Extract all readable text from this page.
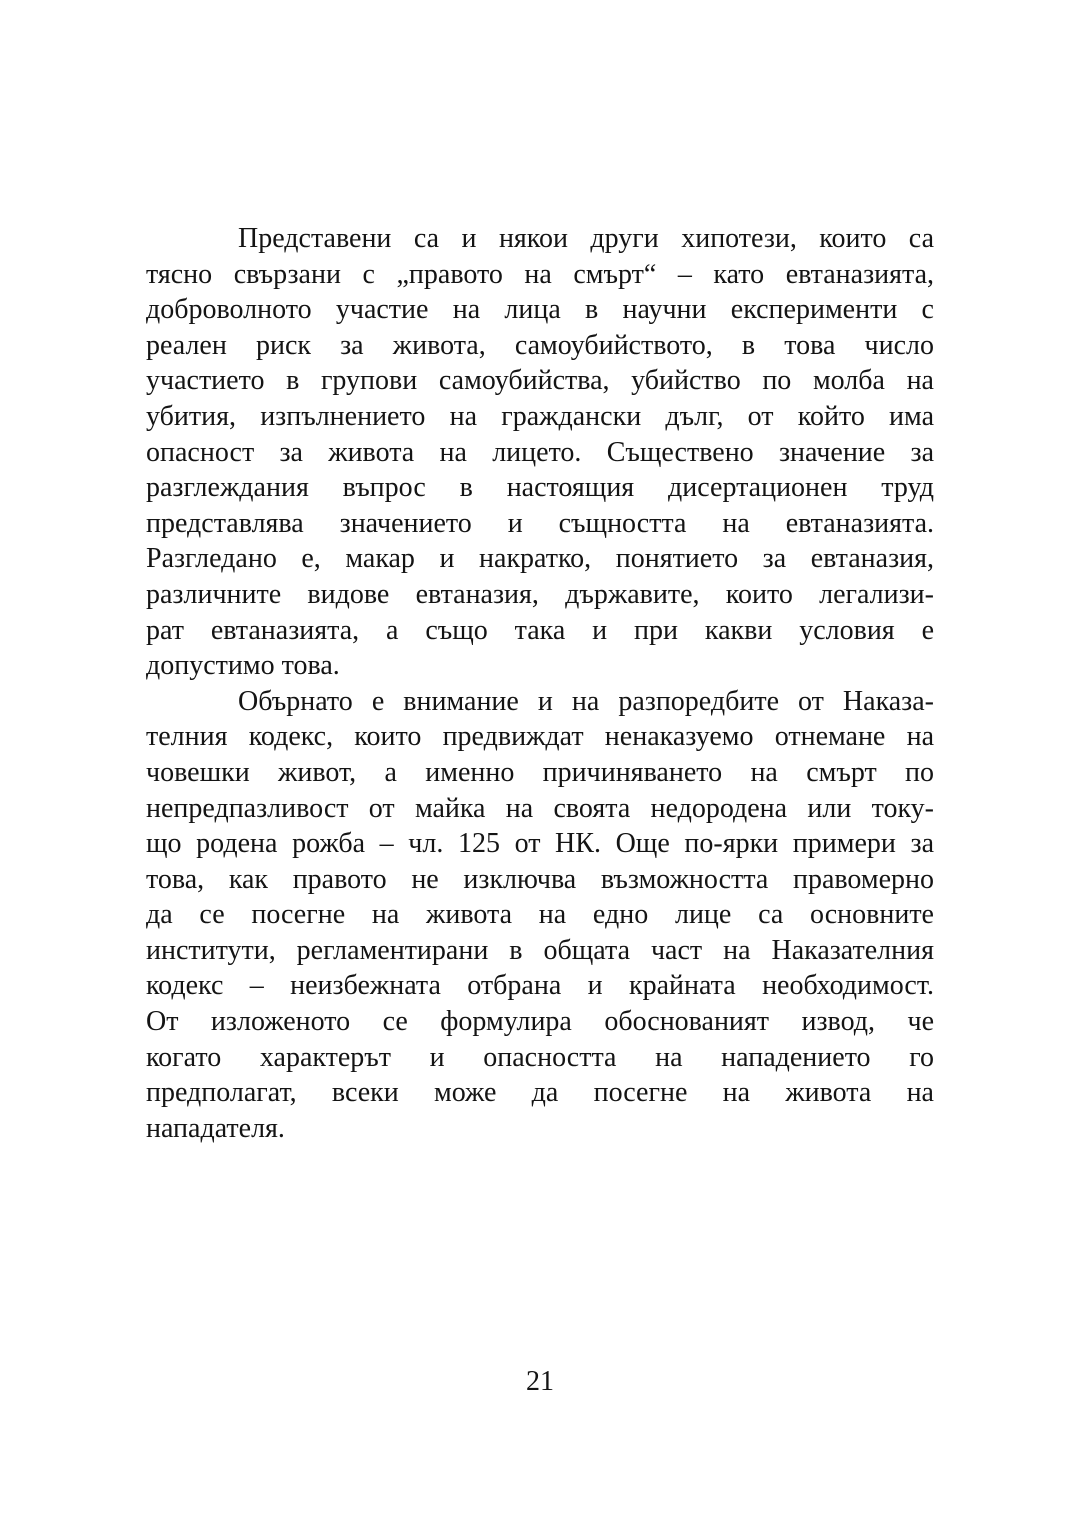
Представени са и някои други хипотези, които са
тясно свързани с „правото на смърт“ – като евтаназията,
доброволното участие на лица в научни експерименти с
реален риск за живота, самоубийството, в това число
участието в групови самоубийства, убийство по молба на
убития, изпълнението на граждански дълг, от който има
опасност за живота на лицето. Съществено значение за
разглеждания въпрос в настоящия дисертационен труд
представлява значението и същността на евтаназията.
Разгледано е, макар и накратко, понятието за евтаназия,
различните видове евтаназия, държавите, които легализи-
рат евтаназията, а също така и при какви условия е
допустимо това.

Обърнато е внимание и на разпоредбите от Наказа-
телния кодекс, които предвиждат ненаказуемо отнемане на
човешки живот, а именно причиняването на смърт по
непредпазливост от майка на своята недородена или току-
що родена рожба – чл. 125 от НК. Още по-ярки примери за
това, как правото не изключва възможността правомерно
да се посегне на живота на едно лице са основните
институти, регламентирани в общата част на Наказателния
кодекс – неизбежната отбрана и крайната необходимост.
От изложеното се формулира обоснованият извод, че
когато характерът и опасността на нападението го
предполагат, всеки може да посегне на живота на
нападателя.

21
